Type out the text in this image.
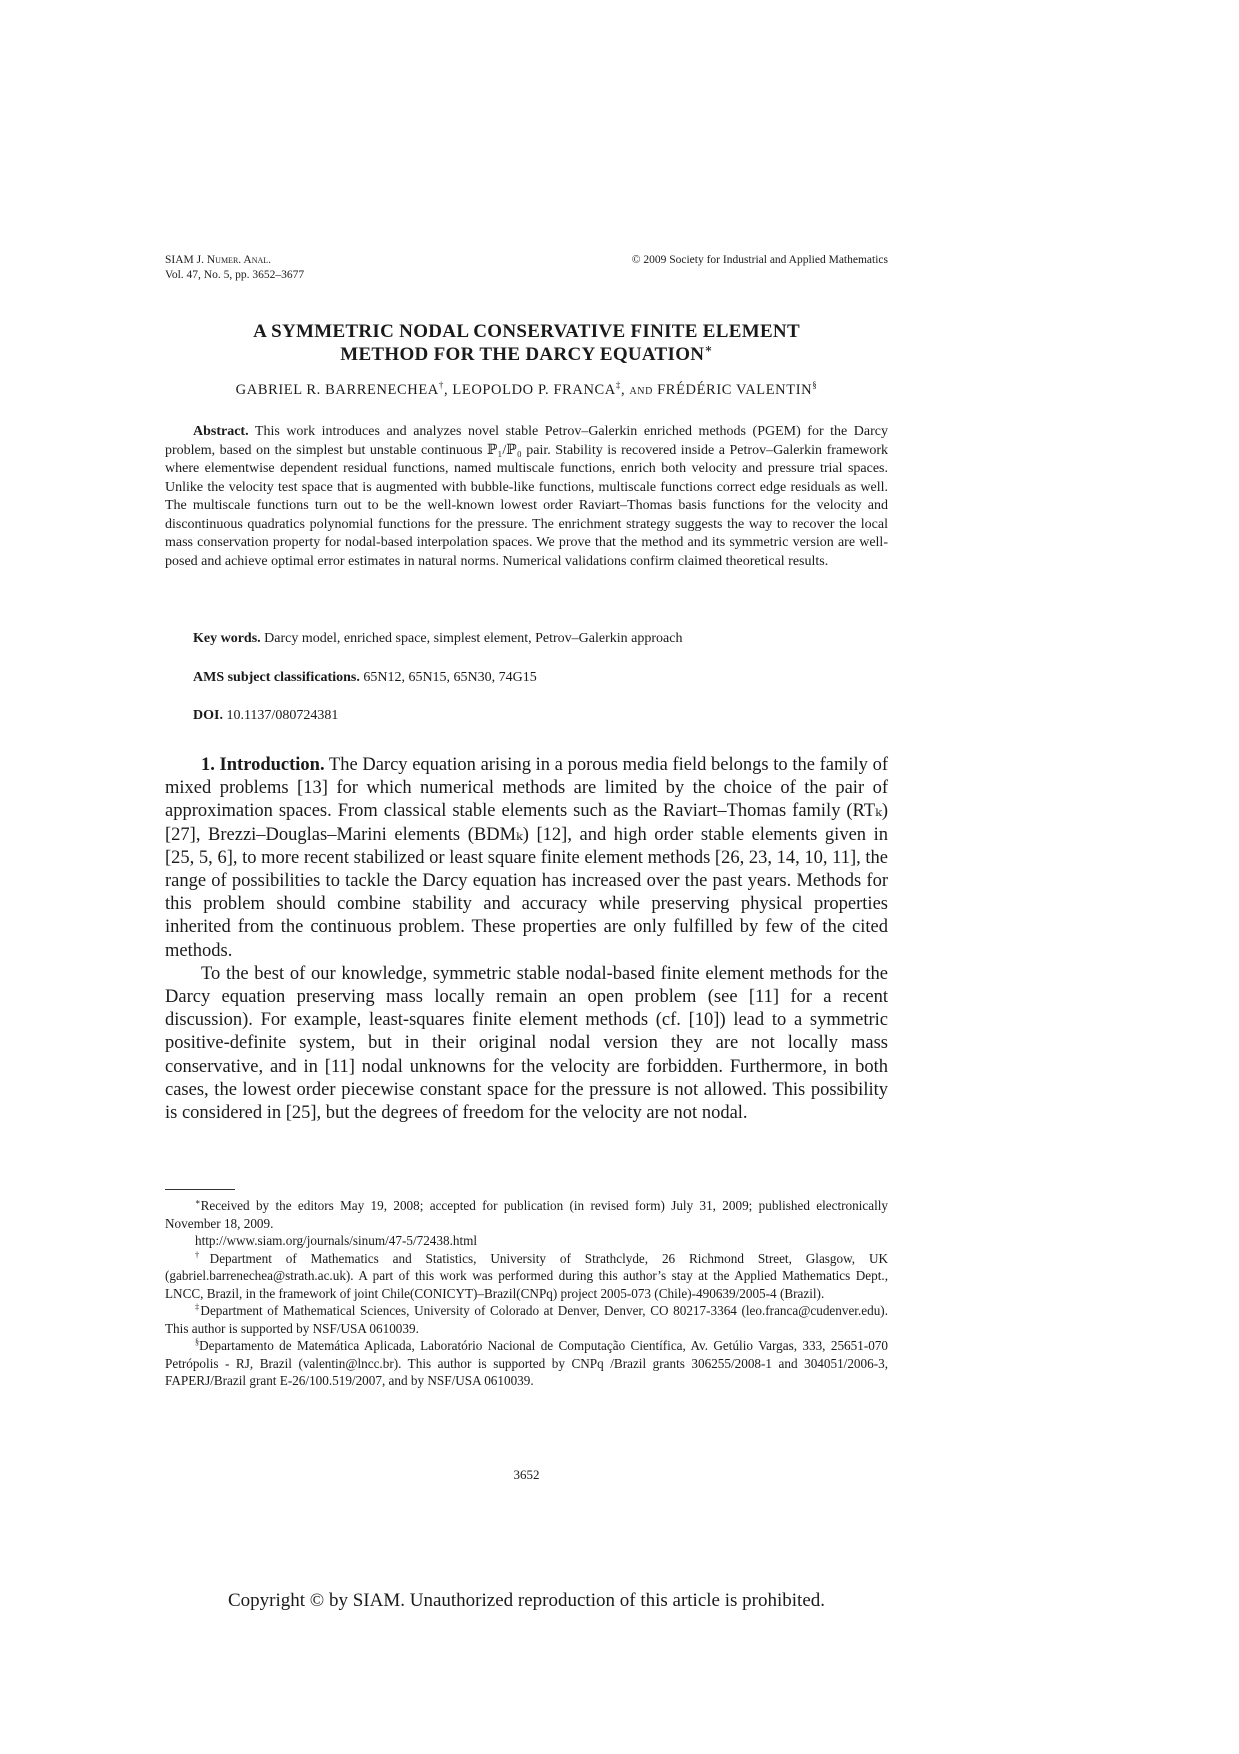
SIAM J. Numer. Anal.
Vol. 47, No. 5, pp. 3652–3677
© 2009 Society for Industrial and Applied Mathematics
A SYMMETRIC NODAL CONSERVATIVE FINITE ELEMENT
METHOD FOR THE DARCY EQUATION∗
GABRIEL R. BARRENECHEA†, LEOPOLDO P. FRANCA‡, and FRÉDÉRIC VALENTIN§
Abstract. This work introduces and analyzes novel stable Petrov–Galerkin enriched methods (PGEM) for the Darcy problem, based on the simplest but unstable continuous ℙ₁/ℙ₀ pair. Stability is recovered inside a Petrov–Galerkin framework where elementwise dependent residual functions, named multiscale functions, enrich both velocity and pressure trial spaces. Unlike the velocity test space that is augmented with bubble-like functions, multiscale functions correct edge residuals as well. The multiscale functions turn out to be the well-known lowest order Raviart–Thomas basis functions for the velocity and discontinuous quadratics polynomial functions for the pressure. The enrichment strategy suggests the way to recover the local mass conservation property for nodal-based interpolation spaces. We prove that the method and its symmetric version are well-posed and achieve optimal error estimates in natural norms. Numerical validations confirm claimed theoretical results.
Key words. Darcy model, enriched space, simplest element, Petrov–Galerkin approach
AMS subject classifications. 65N12, 65N15, 65N30, 74G15
DOI. 10.1137/080724381

1. Introduction. The Darcy equation arising in a porous media field belongs to the family of mixed problems [13] for which numerical methods are limited by the choice of the pair of approximation spaces. From classical stable elements such as the Raviart–Thomas family (RTₖ) [27], Brezzi–Douglas–Marini elements (BDMₖ) [12], and high order stable elements given in [25, 5, 6], to more recent stabilized or least square finite element methods [26, 23, 14, 10, 11], the range of possibilities to tackle the Darcy equation has increased over the past years. Methods for this problem should combine stability and accuracy while preserving physical properties inherited from the continuous problem. These properties are only fulfilled by few of the cited methods.

To the best of our knowledge, symmetric stable nodal-based finite element methods for the Darcy equation preserving mass locally remain an open problem (see [11] for a recent discussion). For example, least-squares finite element methods (cf. [10]) lead to a symmetric positive-definite system, but in their original nodal version they are not locally mass conservative, and in [11] nodal unknowns for the velocity are forbidden. Furthermore, in both cases, the lowest order piecewise constant space for the pressure is not allowed. This possibility is considered in [25], but the degrees of freedom for the velocity are not nodal.

∗Received by the editors May 19, 2008; accepted for publication (in revised form) July 31, 2009; published electronically November 18, 2009.

http://www.siam.org/journals/sinum/47-5/72438.html

†Department of Mathematics and Statistics, University of Strathclyde, 26 Richmond Street, Glasgow, UK (gabriel.barrenechea@strath.ac.uk). A part of this work was performed during this author’s stay at the Applied Mathematics Dept., LNCC, Brazil, in the framework of joint Chile(CONICYT)–Brazil(CNPq) project 2005-073 (Chile)-490639/2005-4 (Brazil).

‡Department of Mathematical Sciences, University of Colorado at Denver, Denver, CO 80217-3364 (leo.franca@cudenver.edu). This author is supported by NSF/USA 0610039.

§Departamento de Matemática Aplicada, Laboratório Nacional de Computação Científica, Av. Getúlio Vargas, 333, 25651-070 Petrópolis - RJ, Brazil (valentin@lncc.br). This author is supported by CNPq /Brazil grants 306255/2008-1 and 304051/2006-3, FAPERJ/Brazil grant E-26/100.519/2007, and by NSF/USA 0610039.

3652
Copyright © by SIAM. Unauthorized reproduction of this article is prohibited.
